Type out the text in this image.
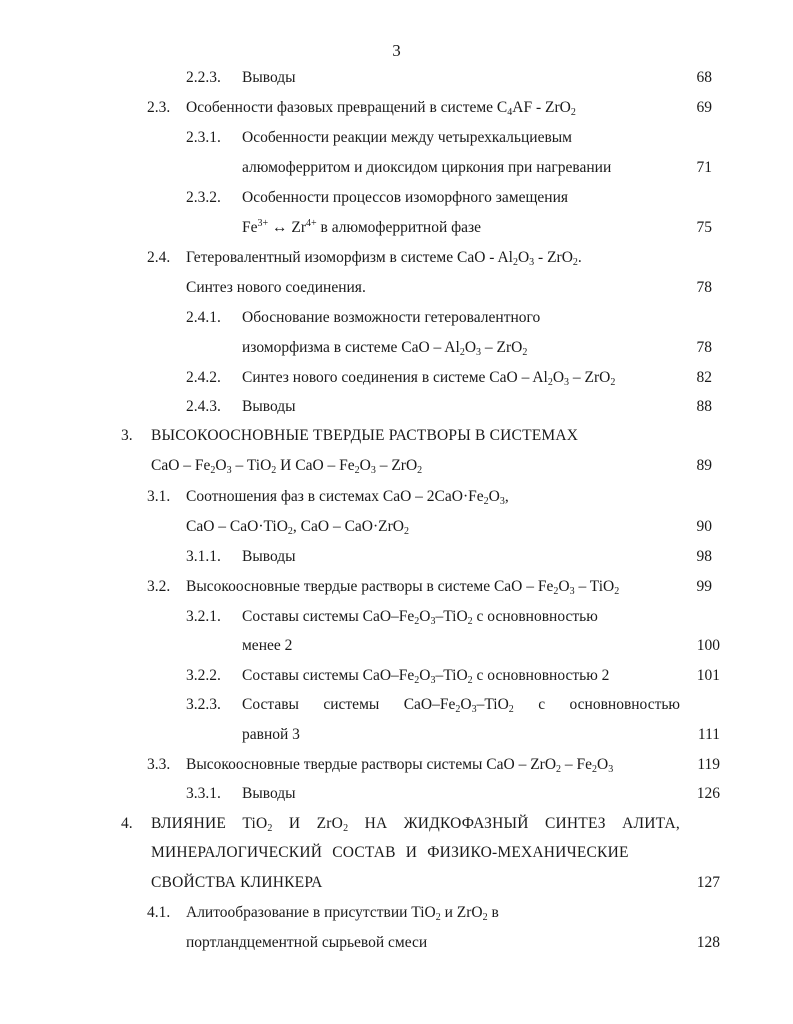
3
2.2.3. Выводы	68
2.3. Особенности фазовых превращений в системе $C_4AF - ZrO_2$	69
2.3.1. Особенности реакции между четырехкальциевым
алюмоферритом и диоксидом циркония при нагревании	71
2.3.2. Особенности процессов изоморфного замещения
$Fe^{3+}$ ↔ $Zr^{4+}$ в алюмоферритной фазе	75
2.4. Гетеровалентный изоморфизм в системе CaO - $Al_2O_3 - ZrO_2$.
Синтез нового соединения.	78
2.4.1. Обоснование возможности гетеровалентного
изоморфизма в системе CaO – $Al_2O_3 - ZrO_2$	78
2.4.2. Синтез нового соединения в системе CaO – $Al_2O_3 - ZrO_2$	82
2.4.3. Выводы	88
3. ВЫСОКООСНОВНЫЕ ТВЕРДЫЕ РАСТВОРЫ В СИСТЕМАХ
CaO – $Fe_2O_3 - TiO_2$ И CaO – $Fe_2O_3 - ZrO_2$	89
3.1. Соотношения фаз в системах CaO – $2CaO\cdot Fe_2O_3$,
CaO – CaO·TiO$_2$, CaO – CaO·ZrO$_2$	90
3.1.1. Выводы	98
3.2. Высокоосновные твердые растворы в системе CaO – $Fe_2O_3 - TiO_2$	99
3.2.1. Составы системы CaO–$Fe_2O_3-TiO_2$ с основновностью
менее 2	100
3.2.2. Составы системы CaO–$Fe_2O_3-TiO_2$ с основновностью 2	101
3.2.3. Составы системы CaO–$Fe_2O_3-TiO_2$ с основновностью
равной 3	111
3.3. Высокоосновные твердые растворы системы CaO – $ZrO_2 - Fe_2O_3$	119
3.3.1. Выводы	126
4. ВЛИЯНИЕ TiO$_2$ И ZrO$_2$ НА ЖИДКОФАЗНЫЙ СИНТЕЗ АЛИТА,
МИНЕРАЛОГИЧЕСКИЙ СОСТАВ И ФИЗИКО-МЕХАНИЧЕСКИЕ
СВОЙСТВА КЛИНКЕРА	127
4.1. Алитообразование в присутствии TiO$_2$ и ZrO$_2$ в
портландцементной сырьевой смеси	128
